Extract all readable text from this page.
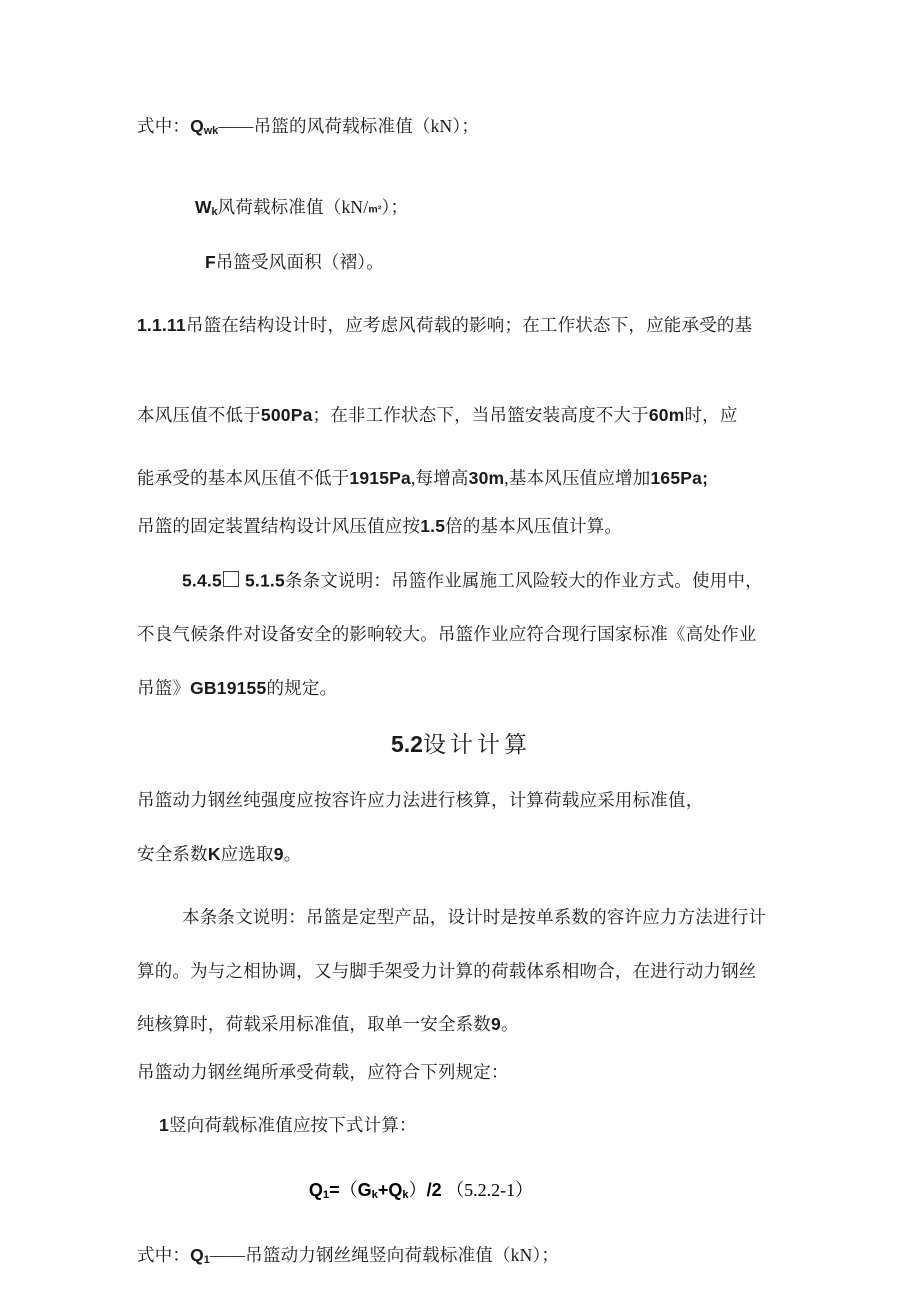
式中：Qwk——吊篮的风荷载标准值（kN）；
Wk风荷载标准值（kN/m²）；
F吊篮受风面积（褶）。
1.1.11吊篮在结构设计时，应考虑风荷载的影响；在工作状态下，应能承受的基
本风压值不低于500Pa；在非工作状态下，当吊篮安装高度不大于60m时，应
能承受的基本风压值不低于1915Pa,每增高30m,基本风压值应增加165Pa;
吊篮的固定装置结构设计风压值应按1.5倍的基本风压值计算。
5.4.5 5.1.5条条文说明：吊篮作业属施工风险较大的作业方式。使用中，
不良气候条件对设备安全的影响较大。吊篮作业应符合现行国家标准《高处作业
吊篮》GB19155的规定。
5.2设计计算
吊篮动力钢丝纯强度应按容许应力法进行核算，计算荷载应采用标准值，
安全系数K应选取9。
本条条文说明：吊篮是定型产品，设计时是按单系数的容许应力方法进行计
算的。为与之相协调，又与脚手架受力计算的荷载体系相吻合，在进行动力钢丝
纯核算时，荷载采用标准值，取单一安全系数9。
吊篮动力钢丝绳所承受荷载，应符合下列规定：
1竖向荷载标准值应按下式计算：
Q1=（Gk+Qk）/2 （5.2.2-1）
式中：Q1——吊篮动力钢丝绳竖向荷载标准值（kN）；
